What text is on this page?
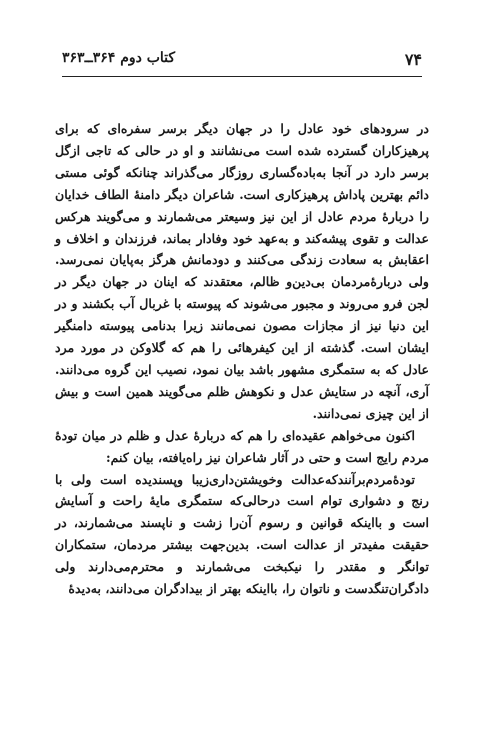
۷۴
کتاب دوم ۳۶۴ــ۳۶۳

در سرودهای خود عادل را در جهان دیگر برسر سفره‌ای که برای پرهیزکاران گسترده شده است می‌نشانند و او در حالی که تاجی ازگل برسر دارد در آنجا به‌باده‌گساری روزگار می‌گذراند چنانکه گوئی مستی دائم بهترین پاداش پرهیزکاری است. شاعران دیگر دامنهٔ الطاف خدایان را دربارهٔ مردم عادل از این نیز وسیعتر می‌شمارند و می‌گویند هرکس عدالت و تقوی پیشه‌کند و به‌عهد خود وفادار بماند، فرزندان و اخلاف و اعقابش به سعادت زندگی می‌کنند و دودمانش هرگز به‌پایان نمی‌رسد. ولی دربارهٔ‌مردمان بی‌دین‌و ظالم، معتقدند که اینان در جهان دیگر در لجن فرو می‌روند و مجبور می‌شوند که پیوسته با غربال آب بکشند و در این دنیا نیز از مجازات مصون نمی‌مانند زیرا بدنامی پیوسته دامنگیر ایشان است. گذشته از این کیفرهائی را هم که گلاوکن در مورد مرد عادل که به ستمگری مشهور باشد بیان نمود، نصیب این گروه می‌دانند. آری، آنچه در ستایش عدل و نکوهش ظلم می‌گویند همین است و بیش از این چیزی نمی‌دانند.

اکنون می‌خواهم عقیده‌ای را هم که دربارهٔ عدل و ظلم در میان تودهٔ مردم رایج است و حتی در آثار شاعران نیز راه‌یافته، بیان کنم:

تودهٔ‌مردم‌برآنندکه‌عدالت وخویشتن‌داری‌زیبا وپسندیده است ولی با رنج و دشواری توام است درحالی‌که ستمگری مایهٔ راحت و آسایش است و بااینکه قوانین و رسوم آن‌را زشت و ناپسند می‌شمارند، در حقیقت مفیدتر از عدالت است. بدین‌جهت بیشتر مردمان، ستمکاران توانگر و مقتدر را نیکبخت می‌شمارند و محترم‌می‌دارند ولی دادگران‌تنگدست و ناتوان را، بااینکه بهتر از بیدادگران می‌دانند، به‌دیدهٔ
